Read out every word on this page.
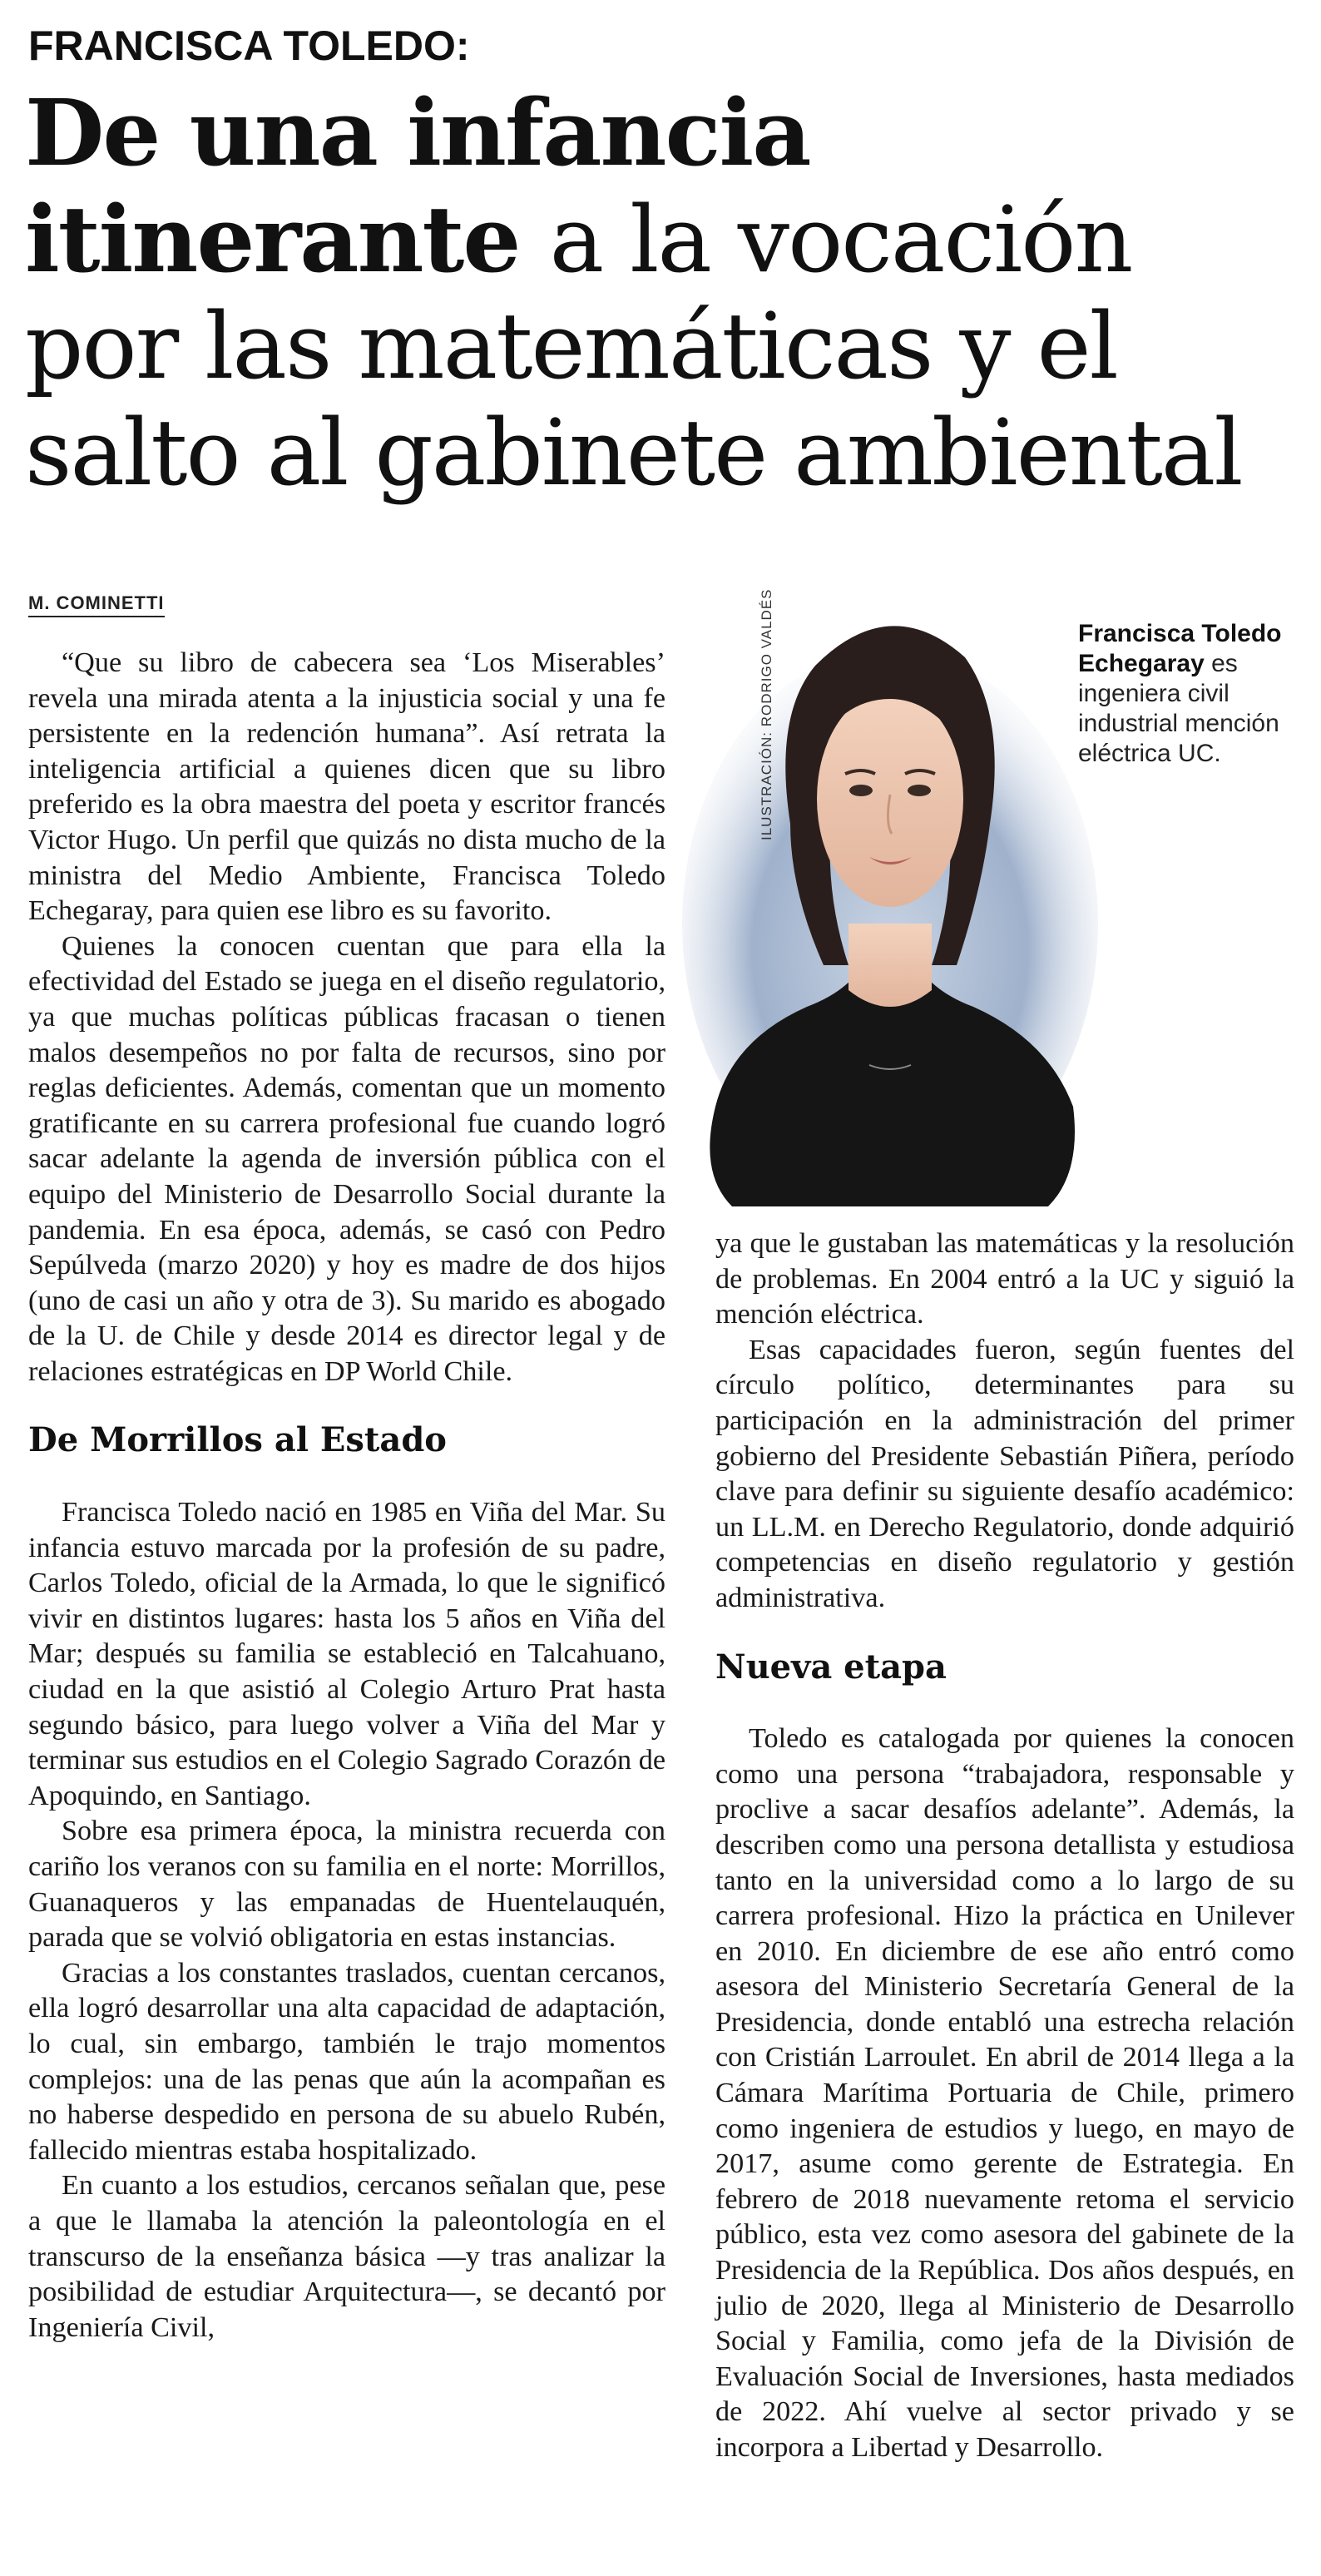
FRANCISCA TOLEDO:
De una infancia itinerante a la vocación por las matemáticas y el salto al gabinete ambiental
M. COMINETTI	ILUSTRACIÓN: RODRIGO VALDÉS	Francisca Toledo Echegaray es ingeniera civil industrial mención eléctrica UC.

“Que su libro de cabecera sea ‘Los Miserables’ revela una mirada atenta a la injusticia social y una fe persistente en la redención humana”. Así retrata la inteligencia artificial a quienes dicen que su libro preferido es la obra maestra del poeta y escritor francés Victor Hugo. Un perfil que quizás no dista mucho de la ministra del Medio Ambiente, Francisca Toledo Echegaray, para quien ese libro es su favorito.

Quienes la conocen cuentan que para ella la efectividad del Estado se juega en el diseño regulatorio, ya que muchas políticas públicas fracasan o tienen malos desempeños no por falta de recursos, sino por reglas deficientes. Además, comentan que un momento gratificante en su carrera profesional fue cuando logró sacar adelante la agenda de inversión pública con el equipo del Ministerio de Desarrollo Social durante la pandemia. En esa época, además, se casó con Pedro Sepúlveda (marzo 2020) y hoy es madre de dos hijos (uno de casi un año y otra de 3). Su marido es abogado de la U. de Chile y desde 2014 es director legal y de relaciones estratégicas en DP World Chile.

De Morrillos al Estado

Francisca Toledo nació en 1985 en Viña del Mar. Su infancia estuvo marcada por la profesión de su padre, Carlos Toledo, oficial de la Armada, lo que le significó vivir en distintos lugares: hasta los 5 años en Viña del Mar; después su familia se estableció en Talcahuano, ciudad en la que asistió al Colegio Arturo Prat hasta segundo básico, para luego volver a Viña del Mar y terminar sus estudios en el Colegio Sagrado Corazón de Apoquindo, en Santiago.

Sobre esa primera época, la ministra recuerda con cariño los veranos con su familia en el norte: Morrillos, Guanaqueros y las empanadas de Huentelauquén, parada que se volvió obligatoria en estas instancias.

Gracias a los constantes traslados, cuentan cercanos, ella logró desarrollar una alta capacidad de adaptación, lo cual, sin embargo, también le trajo momentos complejos: una de las penas que aún la acompañan es no haberse despedido en persona de su abuelo Rubén, fallecido mientras estaba hospitalizado.

En cuanto a los estudios, cercanos señalan que, pese a que le llamaba la atención la paleontología en el transcurso de la enseñanza básica —y tras analizar la posibilidad de estudiar Arquitectura—, se decantó por Ingeniería Civil,

ya que le gustaban las matemáticas y la resolución de problemas. En 2004 entró a la UC y siguió la mención eléctrica.

Esas capacidades fueron, según fuentes del círculo político, determinantes para su participación en la administración del primer gobierno del Presidente Sebastián Piñera, período clave para definir su siguiente desafío académico: un LL.M. en Derecho Regulatorio, donde adquirió competencias en diseño regulatorio y gestión administrativa.

Nueva etapa

Toledo es catalogada por quienes la conocen como una persona “trabajadora, responsable y proclive a sacar desafíos adelante”. Además, la describen como una persona detallista y estudiosa tanto en la universidad como a lo largo de su carrera profesional. Hizo la práctica en Unilever en 2010. En diciembre de ese año entró como asesora del Ministerio Secretaría General de la Presidencia, donde entabló una estrecha relación con Cristián Larroulet. En abril de 2014 llega a la Cámara Marítima Portuaria de Chile, primero como ingeniera de estudios y luego, en mayo de 2017, asume como gerente de Estrategia. En febrero de 2018 nuevamente retoma el servicio público, esta vez como asesora del gabinete de la Presidencia de la República. Dos años después, en julio de 2020, llega al Ministerio de Desarrollo Social y Familia, como jefa de la División de Evaluación Social de Inversiones, hasta mediados de 2022. Ahí vuelve al sector privado y se incorpora a Libertad y Desarrollo.
